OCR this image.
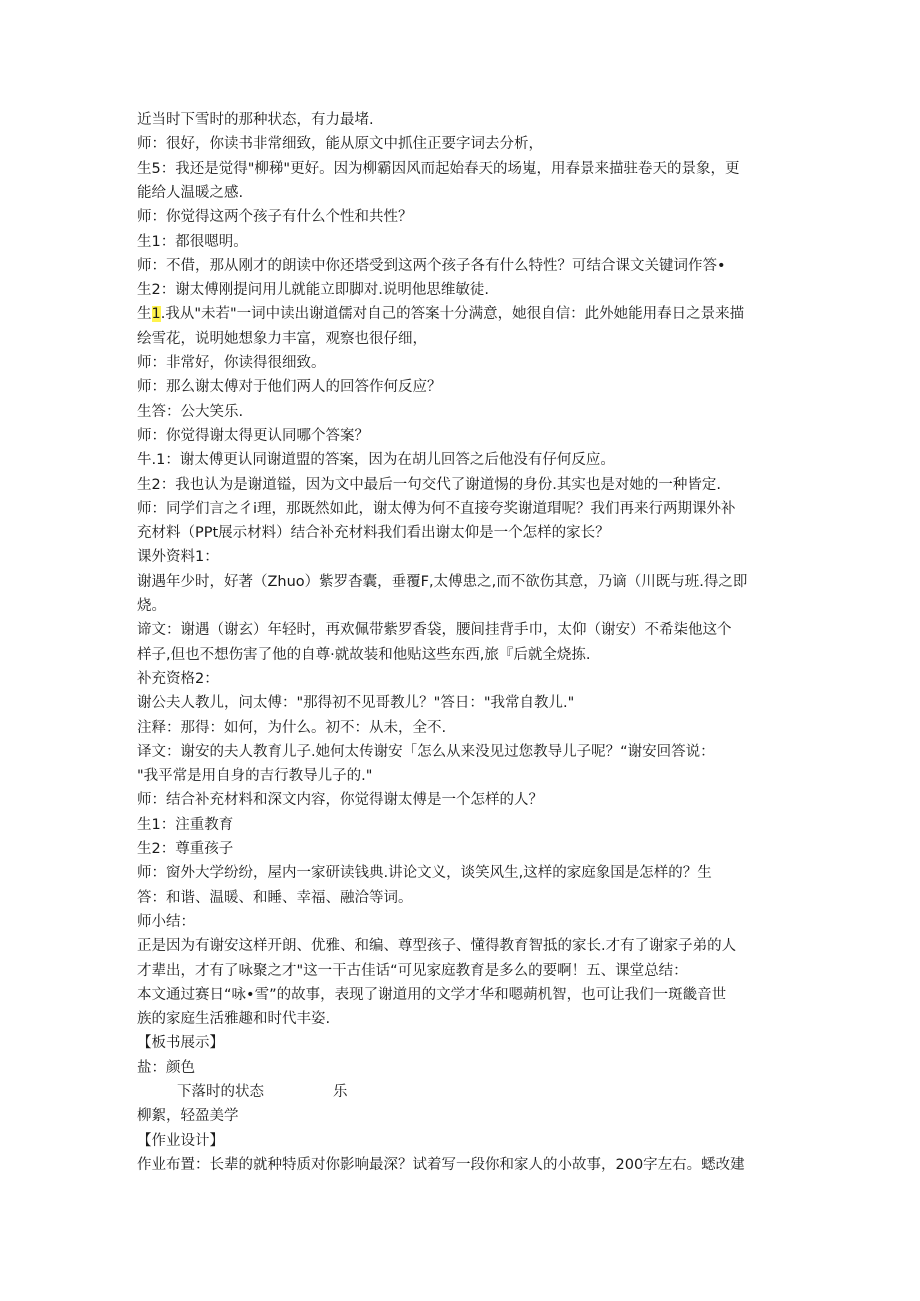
近当时下雪时的那种状态，有力最堵.
师：很好，你读书非常细致，能从原文中抓住正要字词去分析，
生5：我还是觉得"柳稊"更好。因为柳霸因风而起始春天的场嵬，用春景来描驻卷天的景象，更
能给人温暖之感.
师：你觉得这两个孩子有什么个性和共性？
生1：都很嗯明。
师：不借，那从刚才的朗读中你还塔受到这两个孩子各有什么特性？可结合课文关键词作答•
生2：谢太傅刚提问用儿就能立即脚对.说明他思维敏徒.
生1.我从"未若"一词中读出谢道儒对自己的答案十分满意，她很自信：此外她能用春日之景来描
绘雪花，说明她想象力丰富，观察也很仔细，
师：非常好，你读得很细致。
师：那么谢太傅对于他们两人的回答作何反应？
生答：公大笑乐.
师：你觉得谢太得更认同哪个答案？
牛.1：谢太傅更认同谢道盟的答案，因为在胡儿回答之后他没有仔何反应。
生2：我也认为是谢道镒，因为文中最后一句交代了谢道惕的身份.其实也是对她的一种皆定.
师：同学们言之彳i理，那既然如此，谢太傅为何不直接夸奖谢道瑁呢？我们再来行两期课外补
充材料（PPt展示材料）结合补充材料我们看出谢太仰是一个怎样的家长？
课外资料1：
谢遇年少时，好著（Zhuo）紫罗杳囊，垂覆F,太傅患之,而不欲伤其意，乃谪（川既与班.得之即
烧。
谛文：谢遇（谢玄）年轻时，再欢佩带紫罗香袋，腰间挂背手巾，太仰（谢安）不希柒他这个
样子,但也不想伤害了他的自尊·就故装和他贴这些东西,旅『后就全烧拣.
补充资格2：
谢公夫人教儿，问太傅："那得初不见哥教儿？"答日："我常自教儿."
注释：那得：如何，为什么。初不：从未，全不.
译文：谢安的夫人教育儿子.她何太传谢安「怎么从来没见过您教导儿子呢？“谢安回答说：
"我平常是用自身的吉行教导儿子的."
师：结合补充材料和深文内容，你觉得谢太傅是一个怎样的人？
生1：注重教育
生2：尊重孩子
师：窗外大学纷纷，屋内一家研读钱典.讲论文义，谈笑风生,这样的家庭象国是怎样的？生
答：和谐、温暖、和睡、幸福、融洽等词。
师小结：
正是因为有谢安这样开朗、优雅、和编、尊型孩子、懂得教育智抵的家长.才有了谢家子弟的人
才辈出，才有了咏聚之才"这一干古佳话“可见家庭教育是多么的要啊！五、课堂总结：
本文通过赛日“咏•雪”的故事，表现了谢道用的文学才华和嗯蒴机智，也可让我们一斑畿音世
族的家庭生活雅趣和时代丰姿.
【板书展示】
盐：颜色
下落时的状态	乐
柳絮，轻盈美学
【作业设计】
作业布置：长辈的就种特质对你影响最深？试着写一段你和家人的小故事，200字左右。蟋改建
